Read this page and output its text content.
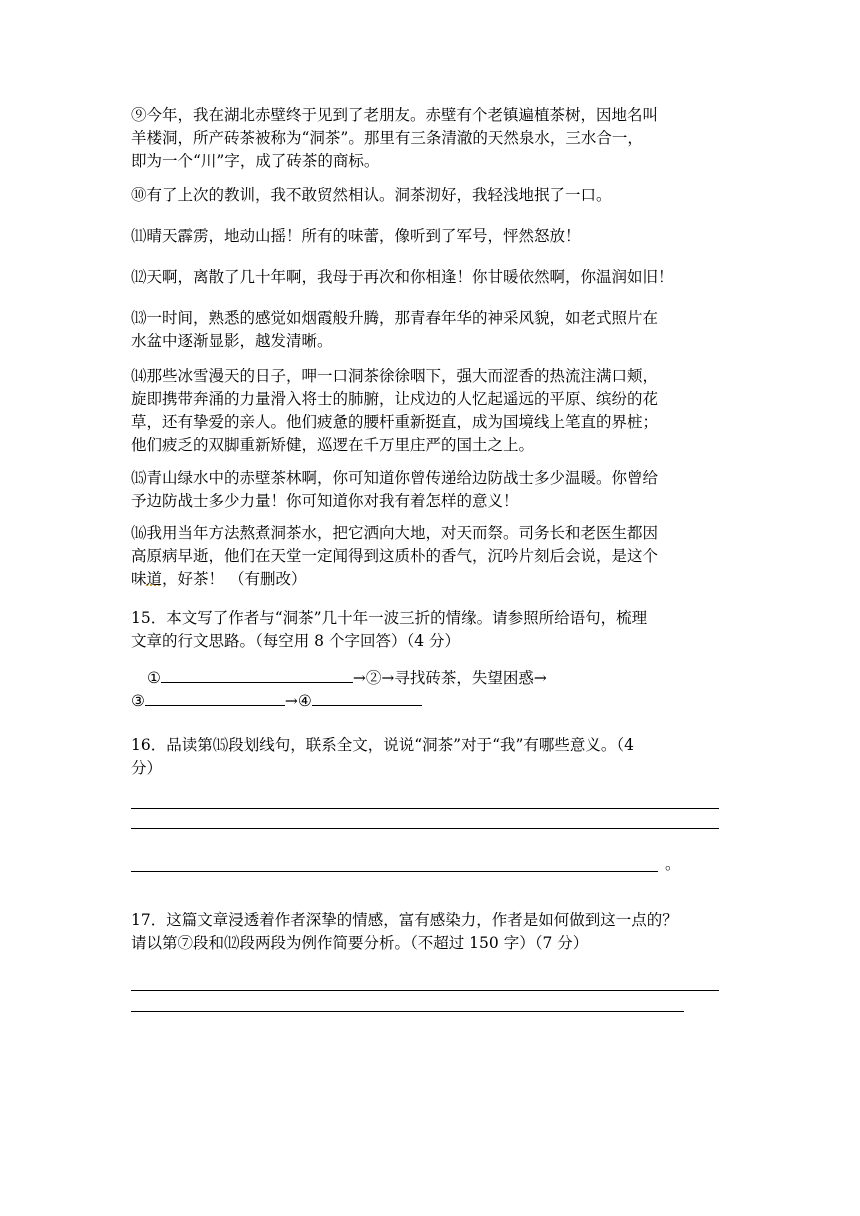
⑨今年，我在湖北赤壁终于见到了老朋友。赤壁有个老镇遍植茶树，因地名叫
羊楼洞，所产砖茶被称为“洞茶”。那里有三条清澈的天然泉水，三水合一，
即为一个“川”字，成了砖茶的商标。
⑩有了上次的教训，我不敢贸然相认。洞茶沏好，我轻浅地抿了一口。
⑾晴天霹雳，地动山摇！所有的味蕾，像听到了军号，怦然怒放！
⑿天啊，离散了几十年啊，我母于再次和你相逢！你甘暖依然啊，你温润如旧！
⒀一时间，熟悉的感觉如烟霞般升腾，那青春年华的神采风貌，如老式照片在
水盆中逐渐显影，越发清晰。
⒁那些冰雪漫天的日子，呷一口洞茶徐徐咽下，强大而涩香的热流注满口颊，
旋即携带奔涌的力量滑入将士的肺腑，让戍边的人忆起遥远的平原、缤纷的花
草，还有挚爱的亲人。他们疲惫的腰杆重新挺直，成为国境线上笔直的界桩；
他们疲乏的双脚重新矫健，巡逻在千万里庄严的国土之上。
⒂青山绿水中的赤壁茶林啊，你可知道你曾传递给边防战士多少温暖。你曾给
予边防战士多少力量！你可知道你对我有着怎样的意义！
⒃我用当年方法熬煮洞茶水，把它洒向大地，对天而祭。司务长和老医生都因
高原病早逝，他们在天堂一定闻得到这质朴的香气，沉吟片刻后会说，是这个
味道，好茶！ （有删改）
15．本文写了作者与“洞茶”几十年一波三折的情缘。请参照所给语句，梳理
文章的行文思路。（每空用 8 个字回答）（4 分）
①	→②→寻找砖茶，失望困惑→
③	→④
16．品读第⒂段划线句，联系全文，说说“洞茶”对于“我”有哪些意义。（4
分）
。
17．这篇文章浸透着作者深挚的情感，富有感染力，作者是如何做到这一点的？
请以第⑦段和⑿段两段为例作简要分析。（不超过 150 字）（7 分）
